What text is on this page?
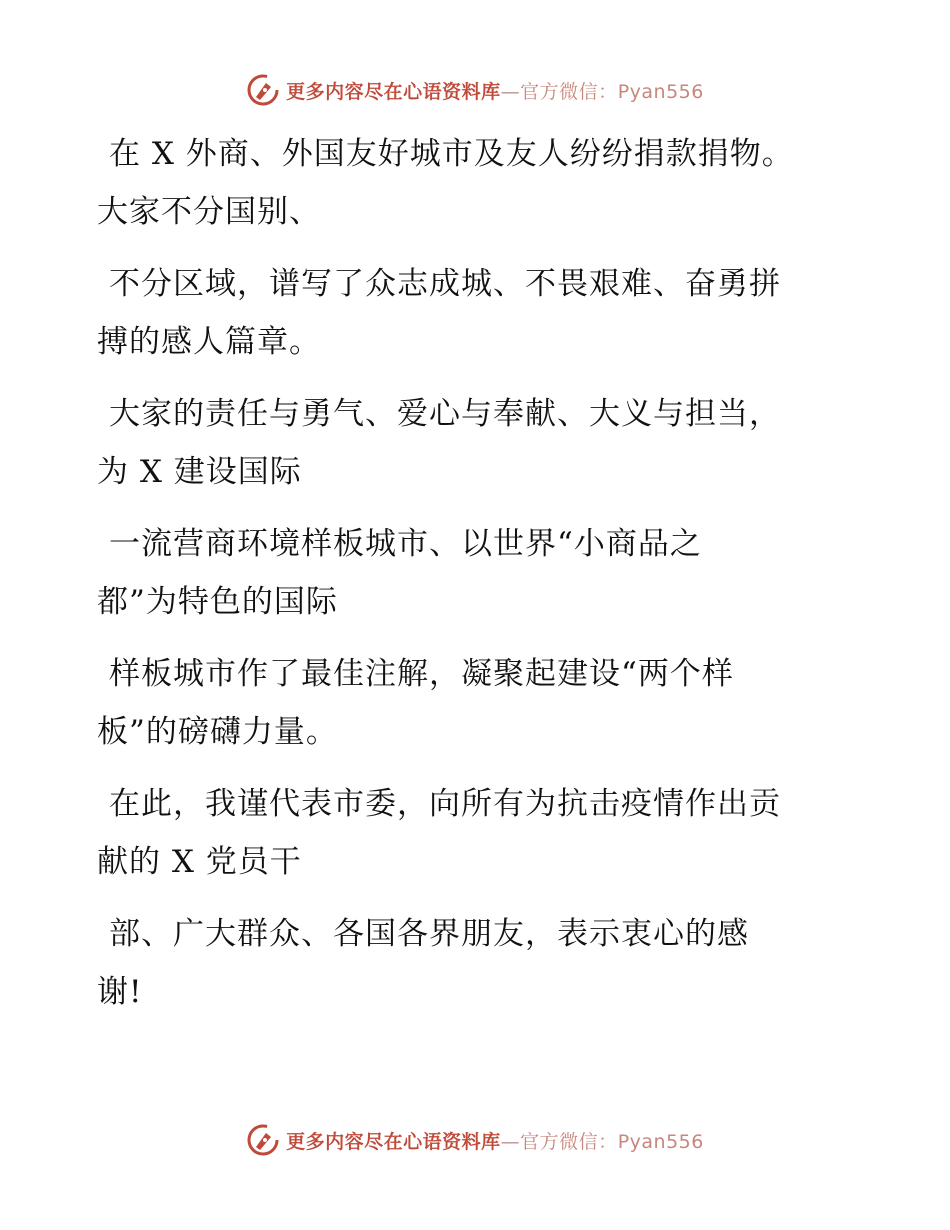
更多内容尽在心语资料库—官方微信：Pyan556

在 X 外商、外国友好城市及友人纷纷捐款捐物。
大家不分国别、

不分区域，谱写了众志成城、不畏艰难、奋勇拼
搏的感人篇章。

大家的责任与勇气、爱心与奉献、大义与担当，
为 X 建设国际

一流营商环境样板城市、以世界“小商品之
都”为特色的国际

样板城市作了最佳注解，凝聚起建设“两个样
板”的磅礴力量。

在此，我谨代表市委，向所有为抗击疫情作出贡
献的 X 党员干

部、广大群众、各国各界朋友，表示衷心的感
谢!

更多内容尽在心语资料库—官方微信：Pyan556
